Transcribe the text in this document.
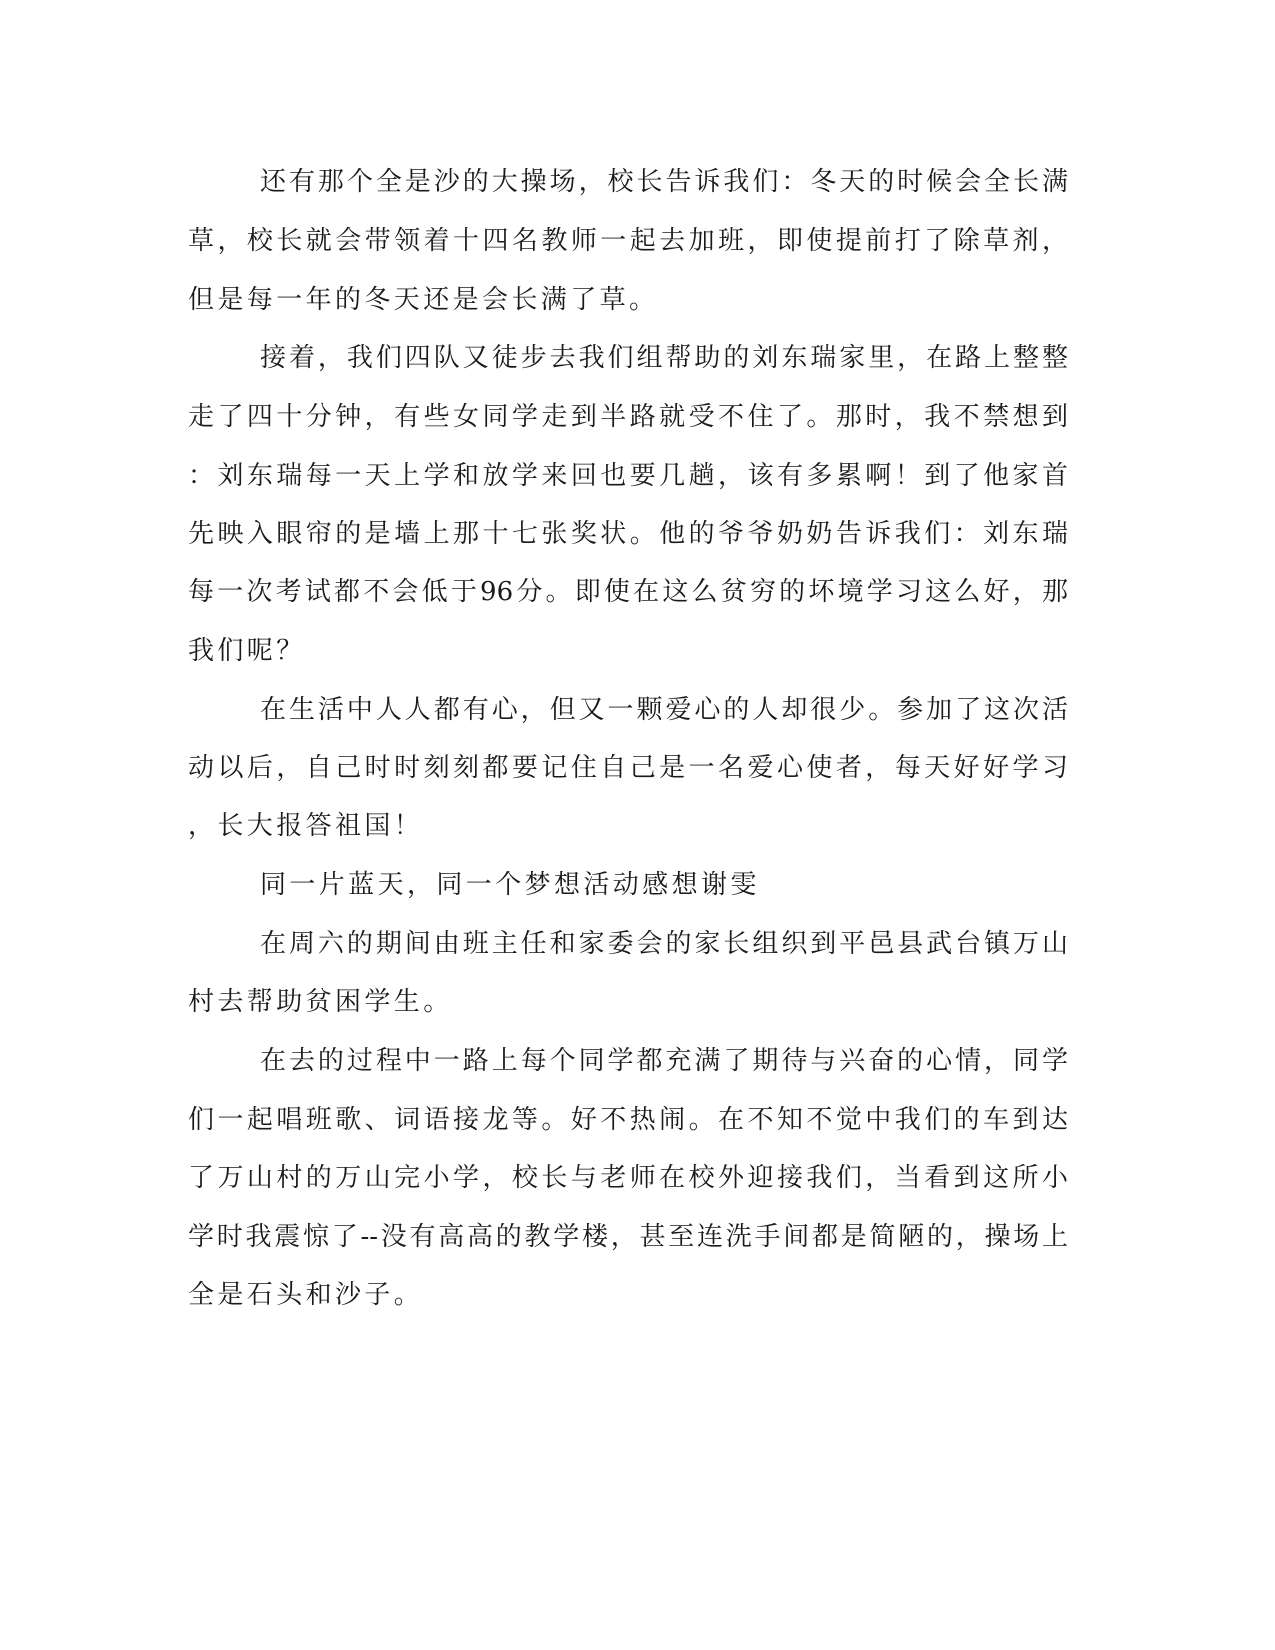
还有那个全是沙的大操场，校长告诉我们：冬天的时候会全长满
草，校长就会带领着十四名教师一起去加班，即使提前打了除草剂，
但是每一年的冬天还是会长满了草。
接着，我们四队又徒步去我们组帮助的刘东瑞家里，在路上整整
走了四十分钟，有些女同学走到半路就受不住了。那时，我不禁想到
：刘东瑞每一天上学和放学来回也要几趟，该有多累啊！到了他家首
先映入眼帘的是墙上那十七张奖状。他的爷爷奶奶告诉我们：刘东瑞
每一次考试都不会低于96分。即使在这么贫穷的坏境学习这么好，那
我们呢？
在生活中人人都有心，但又一颗爱心的人却很少。参加了这次活
动以后，自己时时刻刻都要记住自己是一名爱心使者，每天好好学习
，长大报答祖国！
同一片蓝天，同一个梦想活动感想谢雯
在周六的期间由班主任和家委会的家长组织到平邑县武台镇万山
村去帮助贫困学生。
在去的过程中一路上每个同学都充满了期待与兴奋的心情，同学
们一起唱班歌、词语接龙等。好不热闹。在不知不觉中我们的车到达
了万山村的万山完小学，校长与老师在校外迎接我们，当看到这所小
学时我震惊了--没有高高的教学楼，甚至连洗手间都是简陋的，操场上
全是石头和沙子。
